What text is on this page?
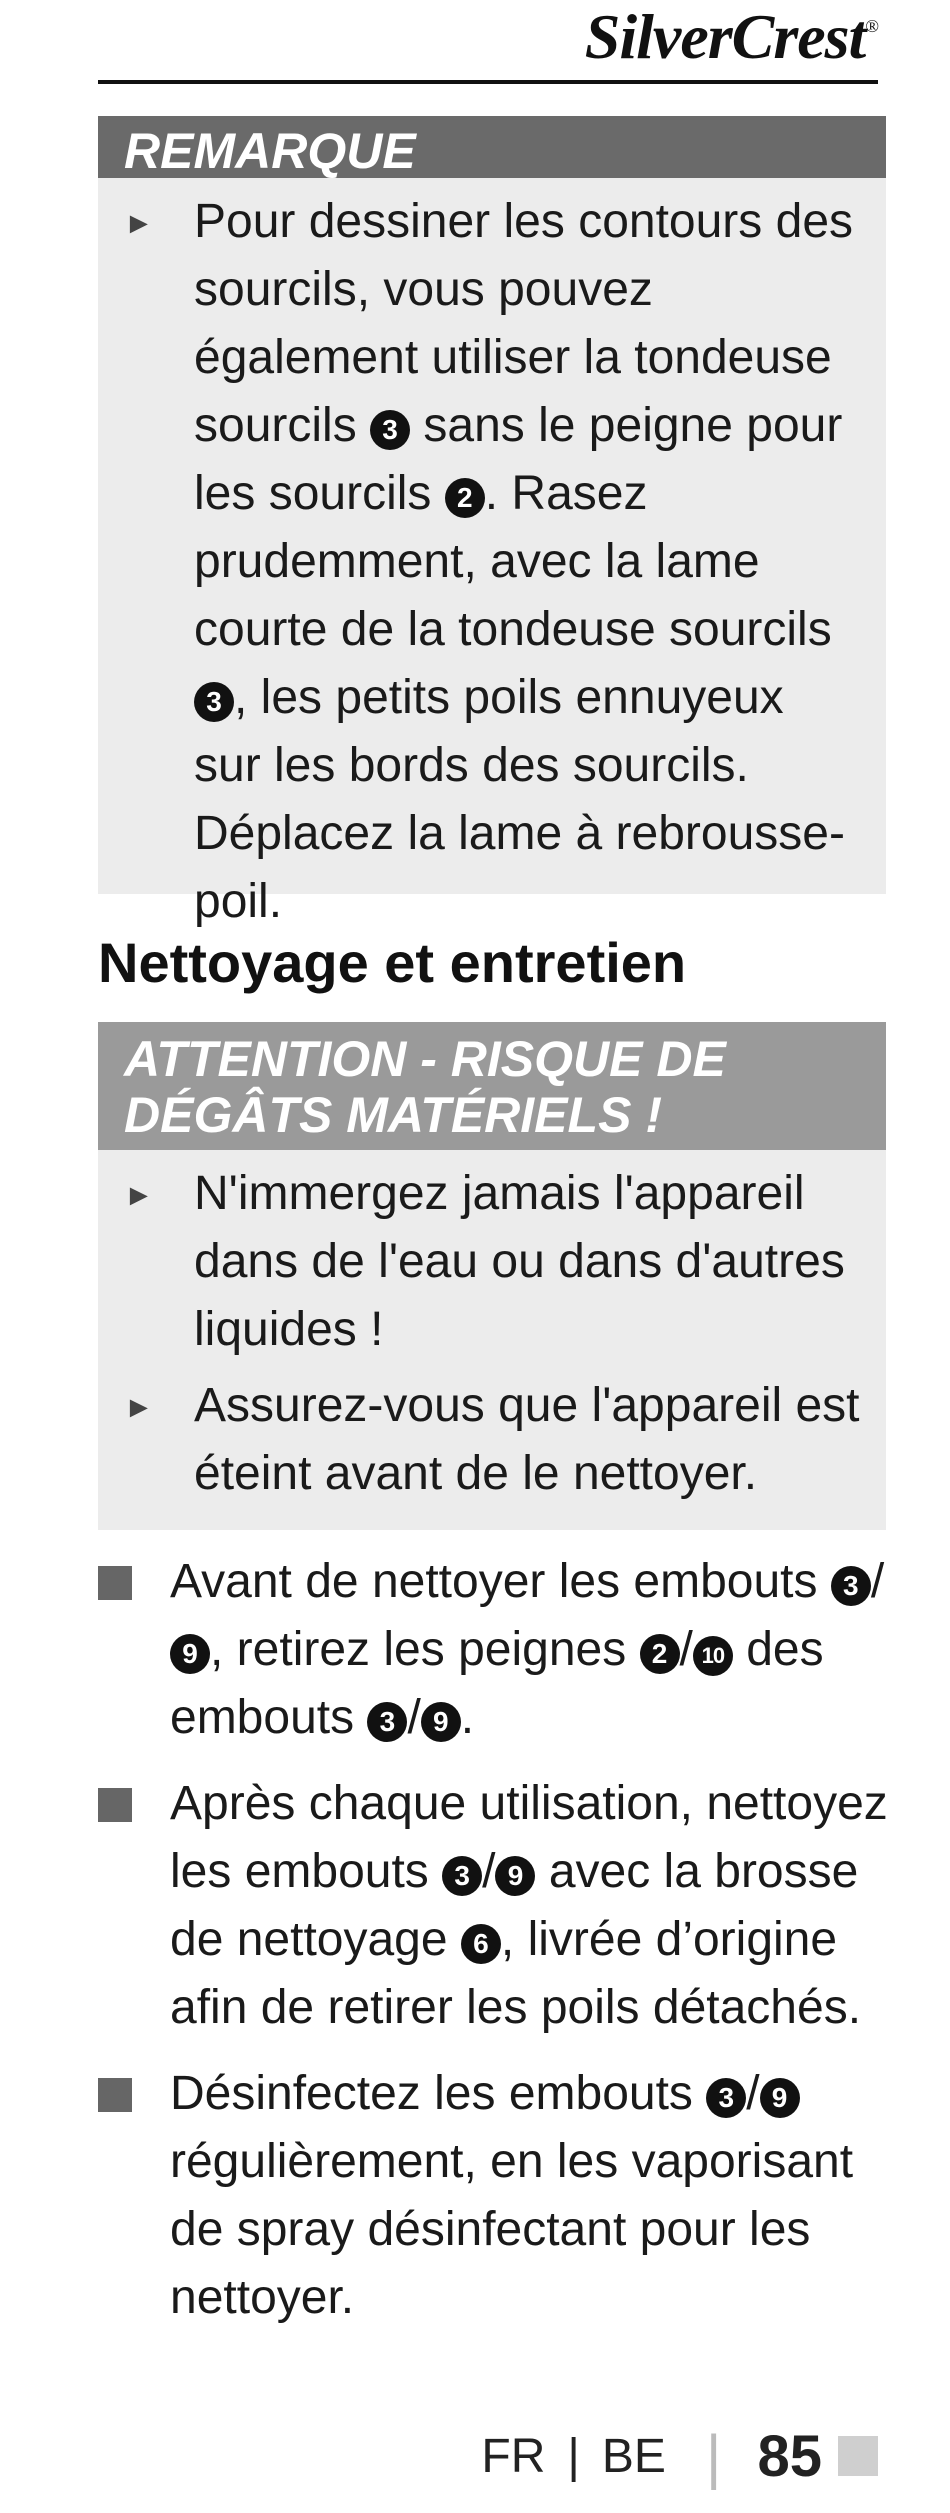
SilverCrest®
REMARQUE
► Pour dessiner les contours des sourcils, vous pouvez également utiliser la tondeuse sourcils 3 sans le peigne pour les sourcils 2 . Rasez prudemment, avec la lame courte de la tondeuse sourcils 3 , les petits poils ennuyeux sur les bords des sourcils. Déplacez la lame à rebrousse-poil.
Nettoyage et entretien
ATTENTION - RISQUE DE
DÉGÂTS MATÉRIELS !
► N'immergez jamais l'appareil dans de l'eau ou dans d'autres liquides !
► Assurez-vous que l'appareil est éteint avant de le nettoyer.
Avant de nettoyer les embouts 3 /9 , retirez les peignes 2 / 10 des embouts 3 / 9 .
Après chaque utilisation, nettoyez les embouts 3 / 9 avec la brosse de nettoyage 6 , livrée d’origine afin de retirer les poils détachés.
Désinfectez les embouts 3 / 9 régulièrement, en les vaporisant de spray désinfectant pour les nettoyer.
FR | BE | 85
